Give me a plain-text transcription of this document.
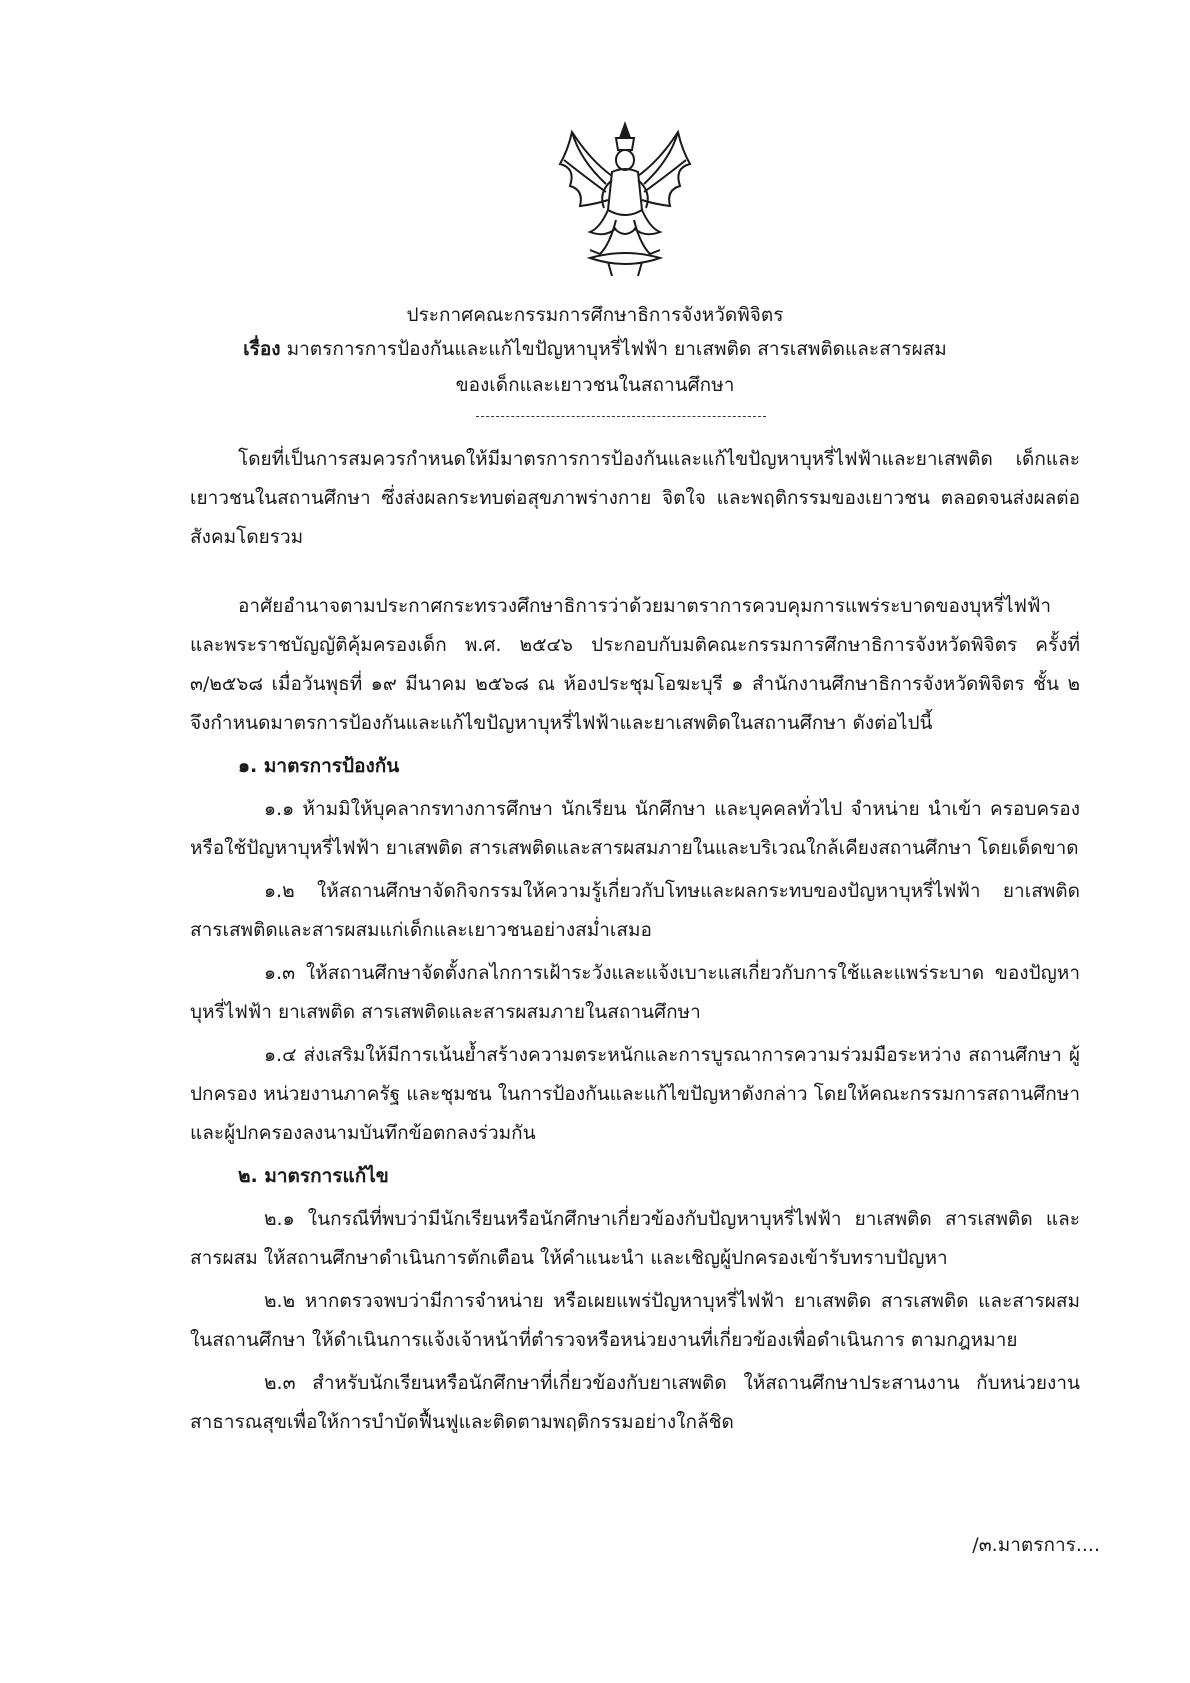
ประกาศคณะกรรมการศึกษาธิการจังหวัดพิจิตร
เรื่อง มาตรการการป้องกันและแก้ไขปัญหาบุหรี่ไฟฟ้า ยาเสพติด สารเสพติดและสารผสม
ของเด็กและเยาวชนในสถานศึกษา

โดยที่เป็นการสมควรกำหนดให้มีมาตรการการป้องกันและแก้ไขปัญหาบุหรี่ไฟฟ้าและยาเสพติด เด็กและเยาวชนในสถานศึกษา ซึ่งส่งผลกระทบต่อสุขภาพร่างกาย จิตใจ และพฤติกรรมของเยาวชน ตลอดจนส่งผลต่อสังคมโดยรวม

อาศัยอำนาจตามประกาศกระทรวงศึกษาธิการว่าด้วยมาตราการควบคุมการแพร่ระบาดของบุหรี่ไฟฟ้า และพระราชบัญญัติคุ้มครองเด็ก พ.ศ. ๒๕๔๖ ประกอบกับมติคณะกรรมการศึกษาธิการจังหวัดพิจิตร ครั้งที่ ๓/๒๕๖๘ เมื่อวันพุธที่ ๑๙ มีนาคม ๒๕๖๘ ณ ห้องประชุมโอฆะบุรี ๑ สำนักงานศึกษาธิการจังหวัดพิจิตร ชั้น ๒ จึงกำหนดมาตรการป้องกันและแก้ไขปัญหาบุหรี่ไฟฟ้าและยาเสพติดในสถานศึกษา ดังต่อไปนี้

๑. มาตรการป้องกัน

๑.๑ ห้ามมิให้บุคลากรทางการศึกษา นักเรียน นักศึกษา และบุคคลทั่วไป จำหน่าย นำเข้า ครอบครอง หรือใช้ปัญหาบุหรี่ไฟฟ้า ยาเสพติด สารเสพติดและสารผสมภายในและบริเวณใกล้เคียงสถานศึกษา โดยเด็ดขาด

๑.๒ ให้สถานศึกษาจัดกิจกรรมให้ความรู้เกี่ยวกับโทษและผลกระทบของปัญหาบุหรี่ไฟฟ้า ยาเสพติด สารเสพติดและสารผสมแก่เด็กและเยาวชนอย่างสม่ำเสมอ

๑.๓ ให้สถานศึกษาจัดตั้งกลไกการเฝ้าระวังและแจ้งเบาะแสเกี่ยวกับการใช้และแพร่ระบาด ของปัญหาบุหรี่ไฟฟ้า ยาเสพติด สารเสพติดและสารผสมภายในสถานศึกษา

๑.๔ ส่งเสริมให้มีการเน้นย้ำสร้างความตระหนักและการบูรณาการความร่วมมือระหว่าง สถานศึกษา ผู้ปกครอง หน่วยงานภาครัฐ และชุมชน ในการป้องกันและแก้ไขปัญหาดังกล่าว โดยให้คณะกรรมการสถานศึกษาและผู้ปกครองลงนามบันทึกข้อตกลงร่วมกัน

๒. มาตรการแก้ไข

๒.๑ ในกรณีที่พบว่ามีนักเรียนหรือนักศึกษาเกี่ยวข้องกับปัญหาบุหรี่ไฟฟ้า ยาเสพติด สารเสพติด และสารผสม ให้สถานศึกษาดำเนินการตักเตือน ให้คำแนะนำ และเชิญผู้ปกครองเข้ารับทราบปัญหา

๒.๒ หากตรวจพบว่ามีการจำหน่าย หรือเผยแพร่ปัญหาบุหรี่ไฟฟ้า ยาเสพติด สารเสพติด และสารผสมในสถานศึกษา ให้ดำเนินการแจ้งเจ้าหน้าที่ตำรวจหรือหน่วยงานที่เกี่ยวข้องเพื่อดำเนินการ ตามกฎหมาย

๒.๓ สำหรับนักเรียนหรือนักศึกษาที่เกี่ยวข้องกับยาเสพติด ให้สถานศึกษาประสานงาน กับหน่วยงานสาธารณสุขเพื่อให้การบำบัดฟื้นฟูและติดตามพฤติกรรมอย่างใกล้ชิด

/๓.มาตรการ....
